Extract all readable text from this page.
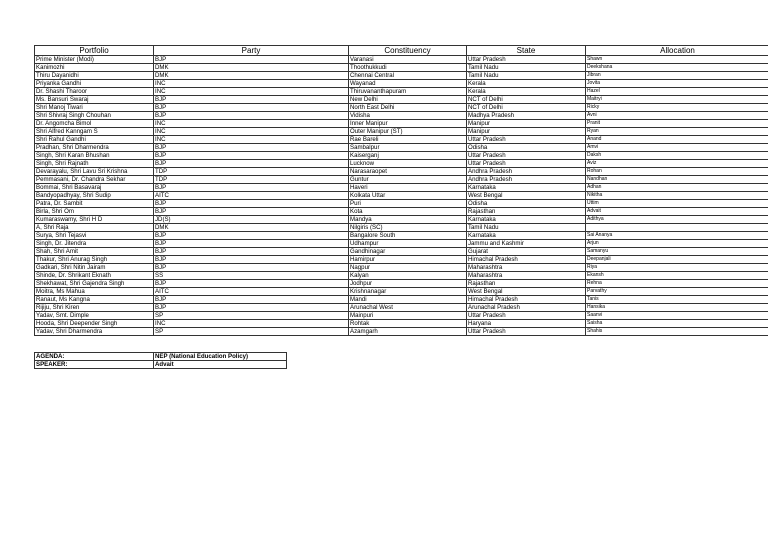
Portfolio	Party	Constituency	State	Allocation
Prime Minister (Modi)	BJP	Varanasi	Uttar Pradesh	Shawn
Kanimozhi	DMK	Thoothukkudi	Tamil Nadu	Deekshana
Thiru Dayanidhi	DMK	Chennai Central	Tamil Nadu	Jibran
Priyanka Gandhi	INC	Wayanad	Kerala	Jovita
Dr. Shashi Tharoor	INC	Thiruvananthapuram	Kerala	Hazel
Ms. Bansuri Swaraj	BJP	New Delhi	NCT of Delhi	Maitryi
Shri Manoj Tiwari	BJP	North East Delhi	NCT of Delhi	Ricky
Shri Shivraj Singh Chouhan	BJP	Vidisha	Madhya Pradesh	Avni
Dr. Angomcha Bimol	INC	Inner Manipur	Manipur	Pranit
Shri Alfred Kanngam S	INC	Outer Manipur (ST)	Manipur	Ryan
Shri Rahul Gandhi	INC	Rae Bareli	Uttar Pradesh	Anand
Pradhan, Shri Dharmendra	BJP	Sambalpur	Odisha	Amvi
Singh, Shri Karan Bhushan	BJP	Kaiserganj	Uttar Pradesh	Daksh
Singh, Shri Rajnath	BJP	Lucknow	Uttar Pradesh	Aviz
Devarayalu, Shri Lavu Sri Krishna	TDP	Narasaraopet	Andhra Pradesh	Rohan
Pemmasani, Dr. Chandra Sekhar	TDP	Guntur	Andhra Pradesh	Nandhan
Bommai, Shri Basavaraj	BJP	Haveri	Karnataka	Adhan
Bandyopadhyay, Shri Sudip	AITC	Kolkata Uttar	West Bengal	Nikitha
Patra, Dr. Sambit	BJP	Puri	Odisha	Uttim
Birla, Shri Om	BJP	Kota	Rajasthan	Advait
Kumaraswamy, Shri H D	JD(S)	Mandya	Karnataka	Adithya
A, Shri Raja	DMK	Nilgiris (SC)	Tamil Nadu	
Surya, Shri Tejasvi	BJP	Bangalore South	Karnataka	Sai Ananya
Singh, Dr. Jitendra	BJP	Udhampur	Jammu and Kashmir	Arjun
Shah, Shri Amit	BJP	Gandhinagar	Gujarat	Samanyu
Thakur, Shri Anurag Singh	BJP	Hamirpur	Himachal Pradesh	Deepanjali
Gadkari, Shri Nitin Jairam	BJP	Nagpur	Maharashtra	Riya
Shinde, Dr. Shrikant Eknath	SS	Kalyan	Maharashtra	Ekansh
Shekhawat, Shri Gajendra Singh	BJP	Jodhpur	Rajasthan	Rehna
Moitra, Ms Mahua	AITC	Krishnanagar	West Bengal	Parvathy
Ranaut, Ms Kangna	BJP	Mandi	Himachal Pradesh	Tanis
Rijiju, Shri Kiren	BJP	Arunachal West	Arunachal Pradesh	Hansika
Yadav, Smt. Dimple	SP	Mainpuri	Uttar Pradesh	Saanvi
Hooda, Shri Deepender Singh	INC	Rohtak	Haryana	Saisha
Yadav, Shri Dharmendra	SP	Azamgarh	Uttar Pradesh	Shahis
AGENDA:	NEP (National Education Policy)
SPEAKER:	Advait
